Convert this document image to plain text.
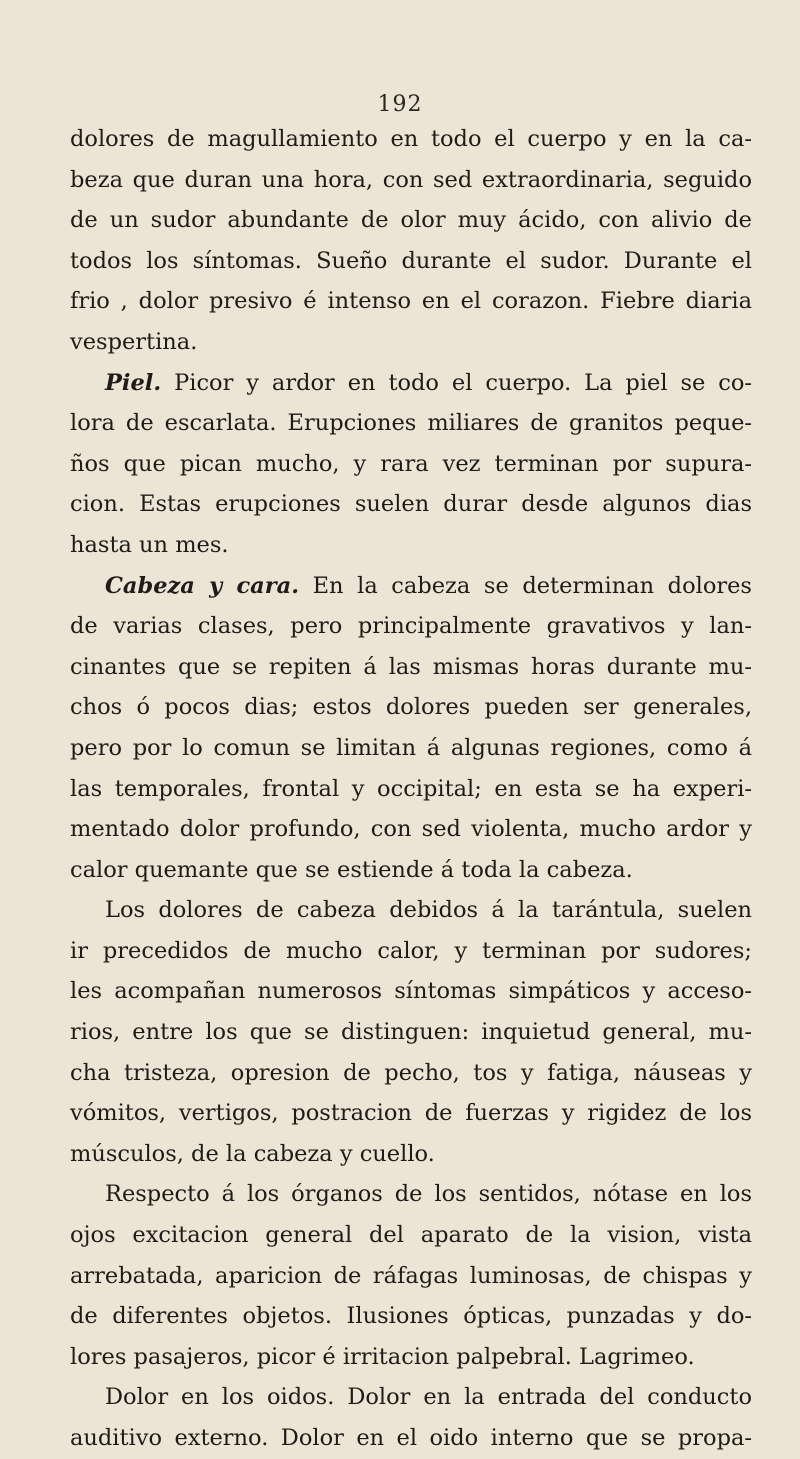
192
dolores de magullamiento en todo el cuerpo y en la ca-
beza que duran una hora, con sed extraordinaria, seguido
de un sudor abundante de olor muy ácido, con alivio de
todos los síntomas. Sueño durante el sudor. Durante el
frio , dolor presivo é intenso en el corazon. Fiebre diaria
vespertina.
Piel. Picor y ardor en todo el cuerpo. La piel se co-
lora de escarlata. Erupciones miliares de granitos peque-
ños que pican mucho, y rara vez terminan por supura-
cion. Estas erupciones suelen durar desde algunos dias
hasta un mes.
Cabeza y cara. En la cabeza se determinan dolores
de varias clases, pero principalmente gravativos y lan-
cinantes que se repiten á las mismas horas durante mu-
chos ó pocos dias; estos dolores pueden ser generales,
pero por lo comun se limitan á algunas regiones, como á
las temporales, frontal y occipital; en esta se ha experi-
mentado dolor profundo, con sed violenta, mucho ardor y
calor quemante que se estiende á toda la cabeza.
Los dolores de cabeza debidos á la tarántula, suelen
ir precedidos de mucho calor, y terminan por sudores;
les acompañan numerosos síntomas simpáticos y acceso-
rios, entre los que se distinguen: inquietud general, mu-
cha tristeza, opresion de pecho, tos y fatiga, náuseas y
vómitos, vertigos, postracion de fuerzas y rigidez de los
músculos, de la cabeza y cuello.
Respecto á los órganos de los sentidos, nótase en los
ojos excitacion general del aparato de la vision, vista
arrebatada, aparicion de ráfagas luminosas, de chispas y
de diferentes objetos. Ilusiones ópticas, punzadas y do-
lores pasajeros, picor é irritacion palpebral. Lagrimeo.
Dolor en los oidos. Dolor en la entrada del conducto
auditivo externo. Dolor en el oido interno que se propa-
